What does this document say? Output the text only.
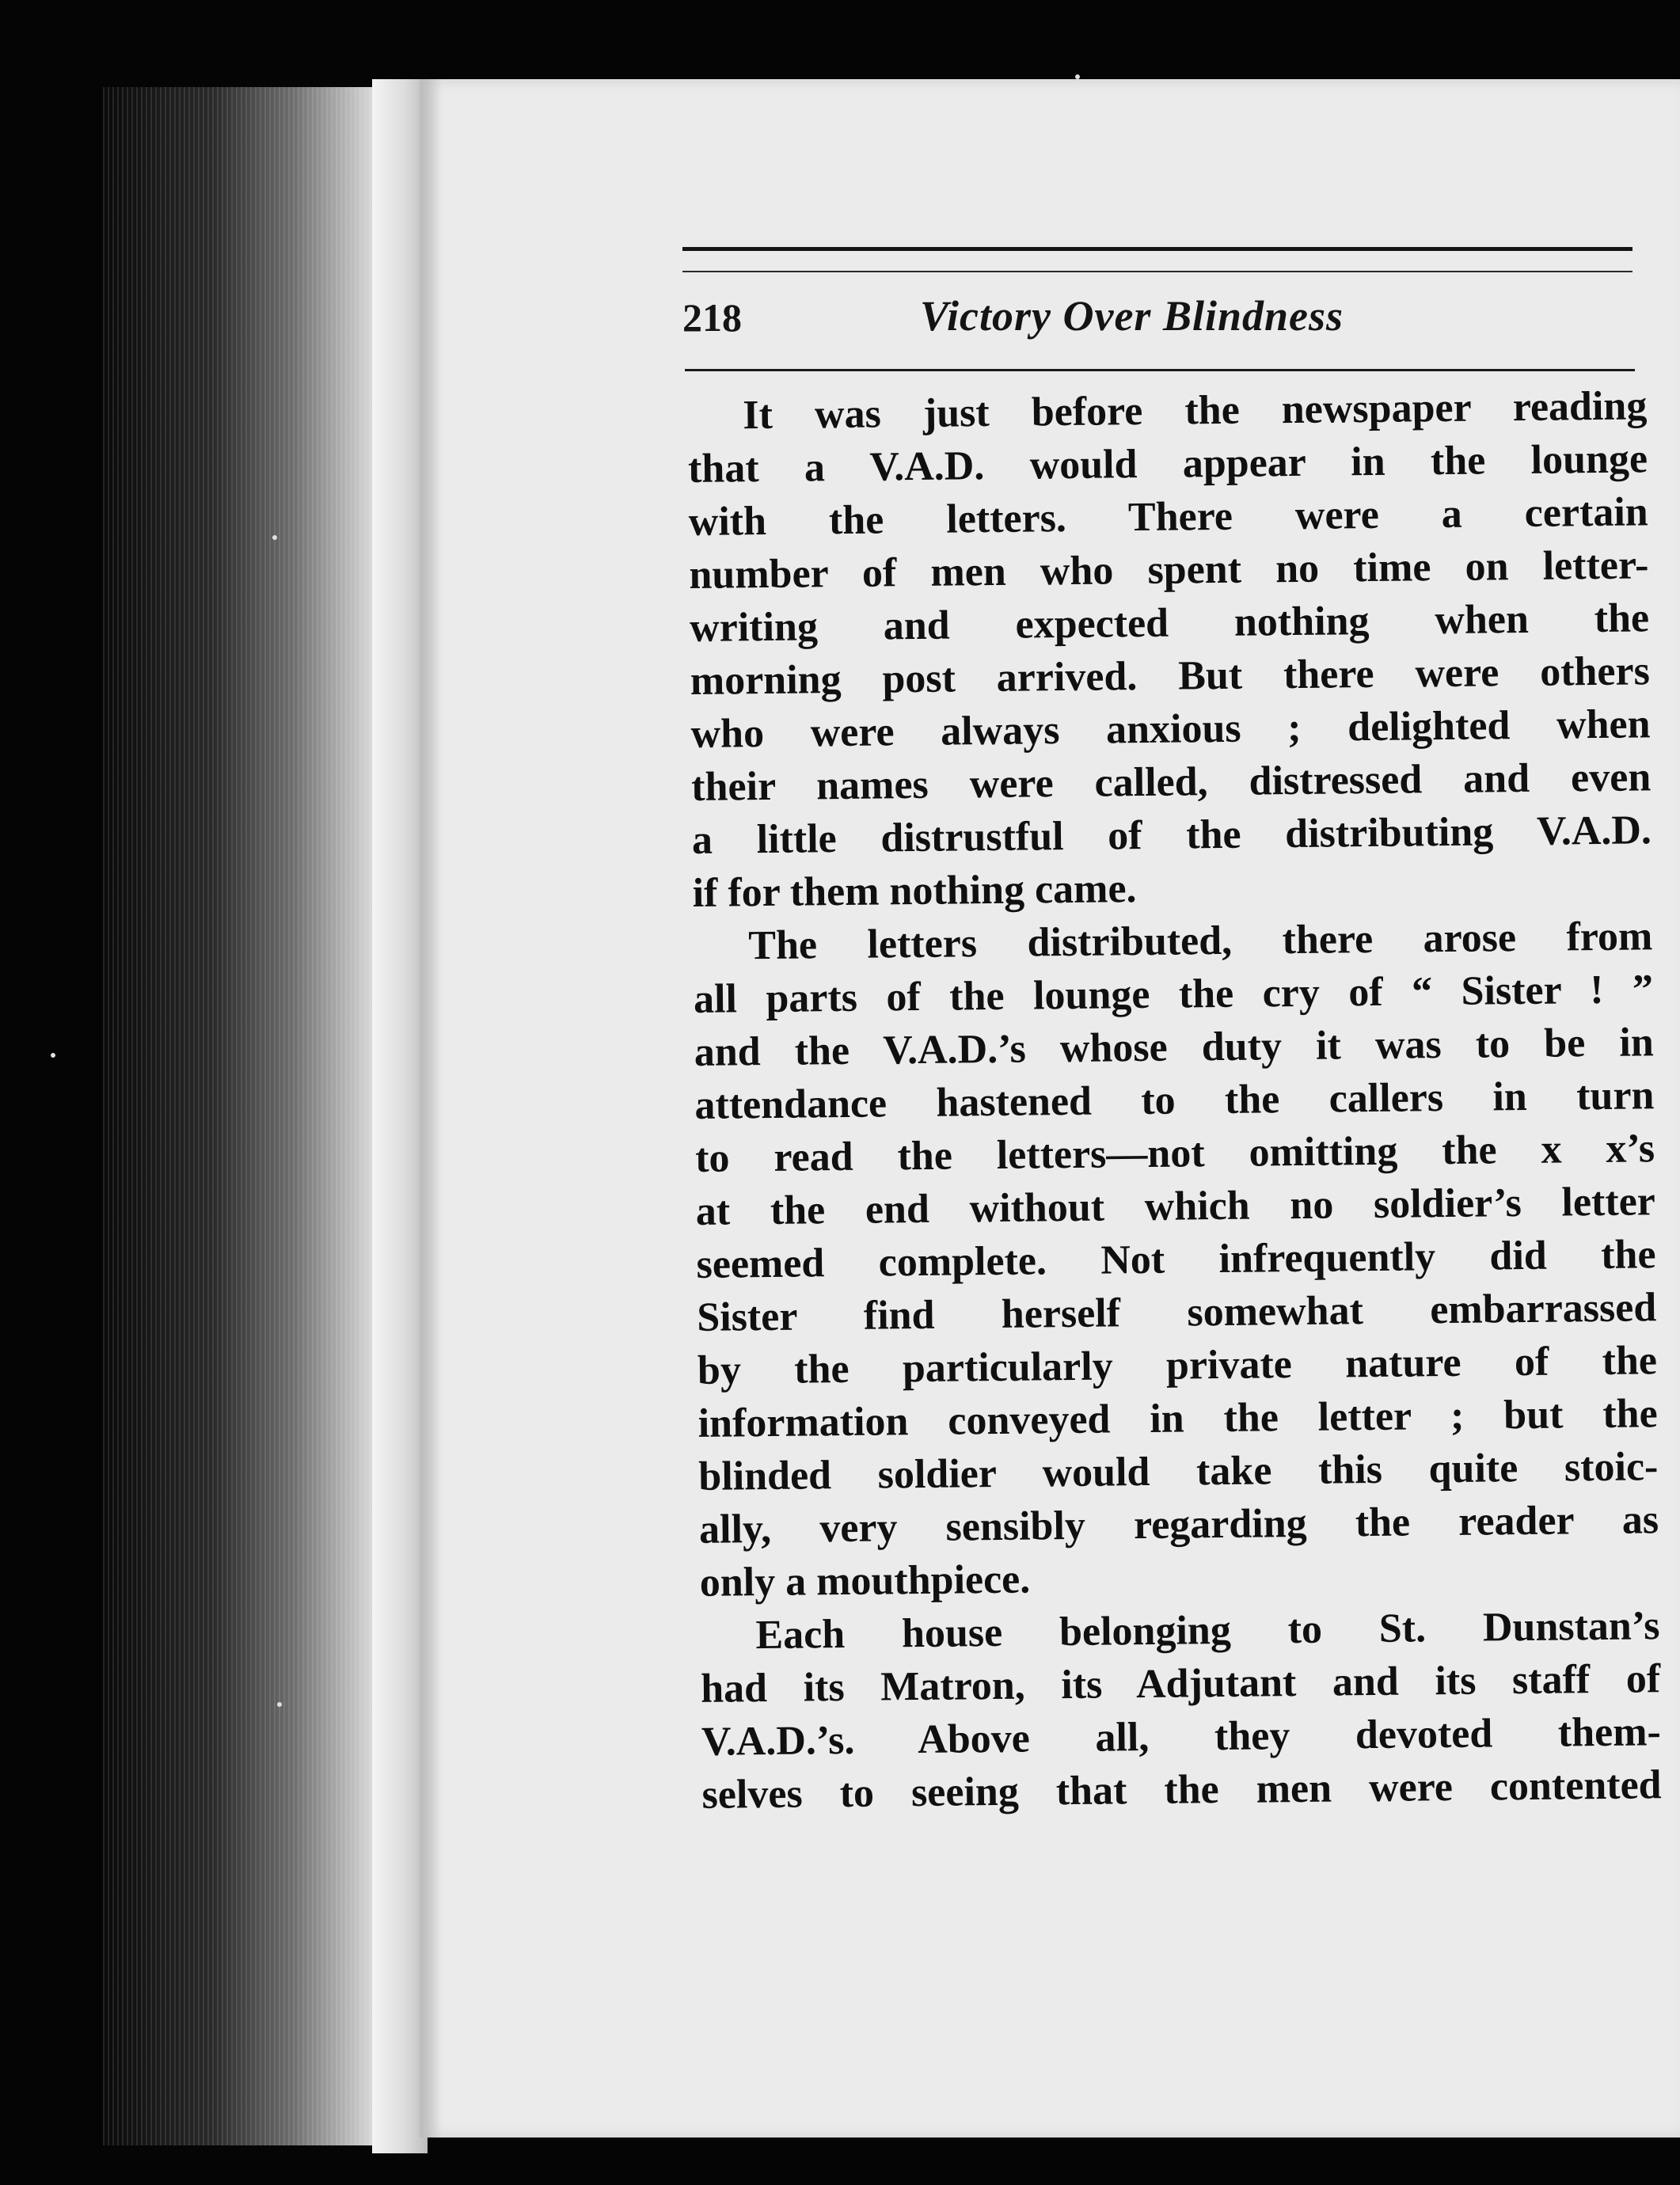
218	Victory Over Blindness
It was just before the newspaper reading
that a V.A.D. would appear in the lounge
with the letters. There were a certain
number of men who spent no time on letter-
writing and expected nothing when the
morning post arrived. But there were others
who were always anxious ; delighted when
their names were called, distressed and even
a little distrustful of the distributing V.A.D.
if for them nothing came.
The letters distributed, there arose from
all parts of the lounge the cry of “ Sister ! ”
and the V.A.D.’s whose duty it was to be in
attendance hastened to the callers in turn
to read the letters—not omitting the x x’s
at the end without which no soldier’s letter
seemed complete. Not infrequently did the
Sister find herself somewhat embarrassed
by the particularly private nature of the
information conveyed in the letter ; but the
blinded soldier would take this quite stoic-
ally, very sensibly regarding the reader as
only a mouthpiece.
Each house belonging to St. Dunstan’s
had its Matron, its Adjutant and its staff of
V.A.D.’s. Above all, they devoted them-
selves to seeing that the men were contented
